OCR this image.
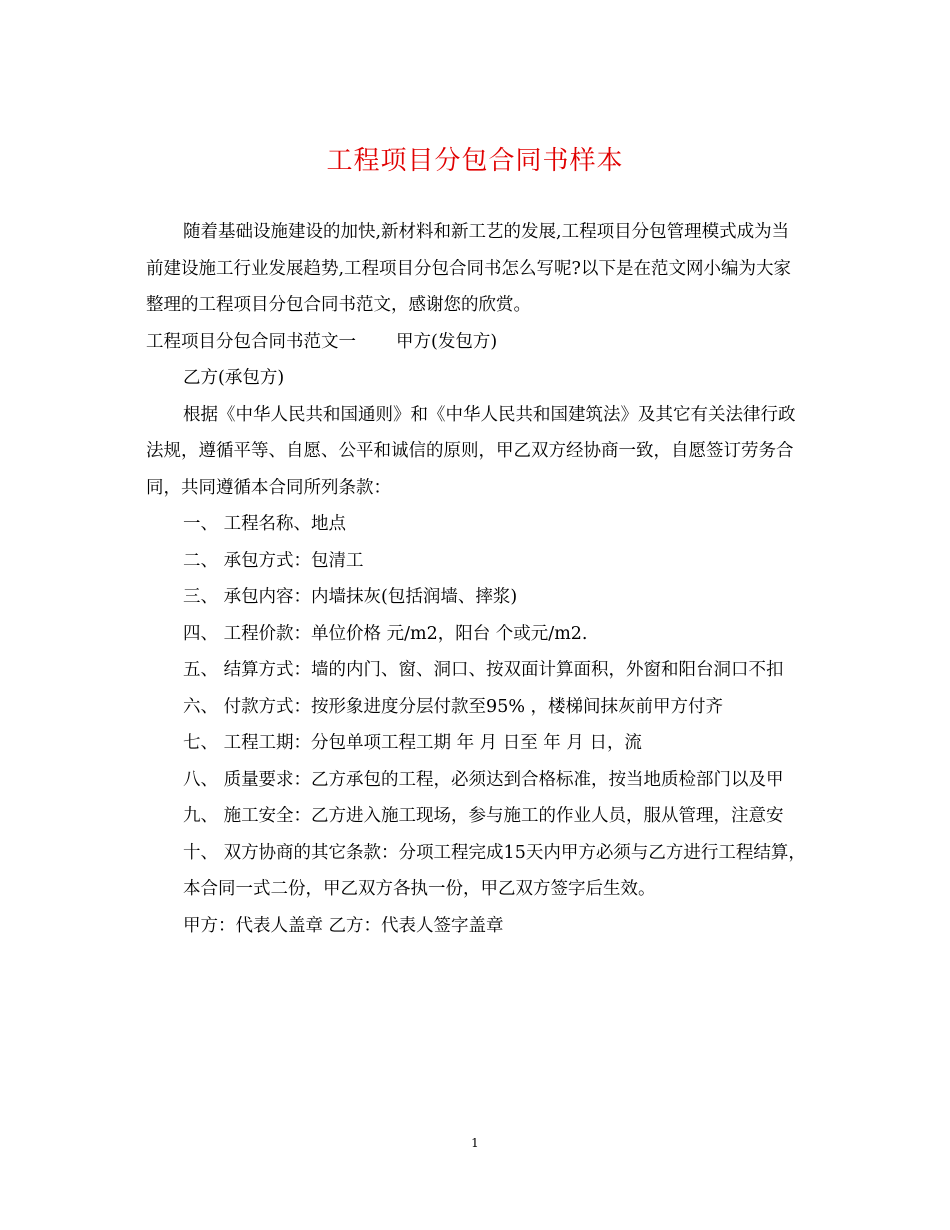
工程项目分包合同书样本

随着基础设施建设的加快,新材料和新工艺的发展,工程项目分包管理模式成为当前建设施工行业发展趋势,工程项目分包合同书怎么写呢?以下是在范文网小编为大家整理的工程项目分包合同书范文，感谢您的欣赏。

工程项目分包合同书范文一 甲方(发包方)

乙方(承包方)

根据《中华人民共和国通则》和《中华人民共和国建筑法》及其它有关法律行政法规，遵循平等、自愿、公平和诚信的原则，甲乙双方经协商一致，自愿签订劳务合同，共同遵循本合同所列条款：

一、 工程名称、地点

二、 承包方式：包清工

三、 承包内容：内墙抹灰(包括润墙、摔浆)

四、 工程价款：单位价格 元/m2，阳台 个或元/m2.

五、 结算方式：墙的内门、窗、洞口、按双面计算面积，外窗和阳台洞口不扣

六、 付款方式：按形象进度分层付款至95% ，楼梯间抹灰前甲方付齐

七、 工程工期：分包单项工程工期 年 月 日至 年 月 日，流

八、 质量要求：乙方承包的工程，必须达到合格标准，按当地质检部门以及甲

九、 施工安全：乙方进入施工现场，参与施工的作业人员，服从管理，注意安

十、 双方协商的其它条款：分项工程完成15天内甲方必须与乙方进行工程结算，

本合同一式二份，甲乙双方各执一份，甲乙双方签字后生效。

甲方：代表人盖章 乙方：代表人签字盖章

1
